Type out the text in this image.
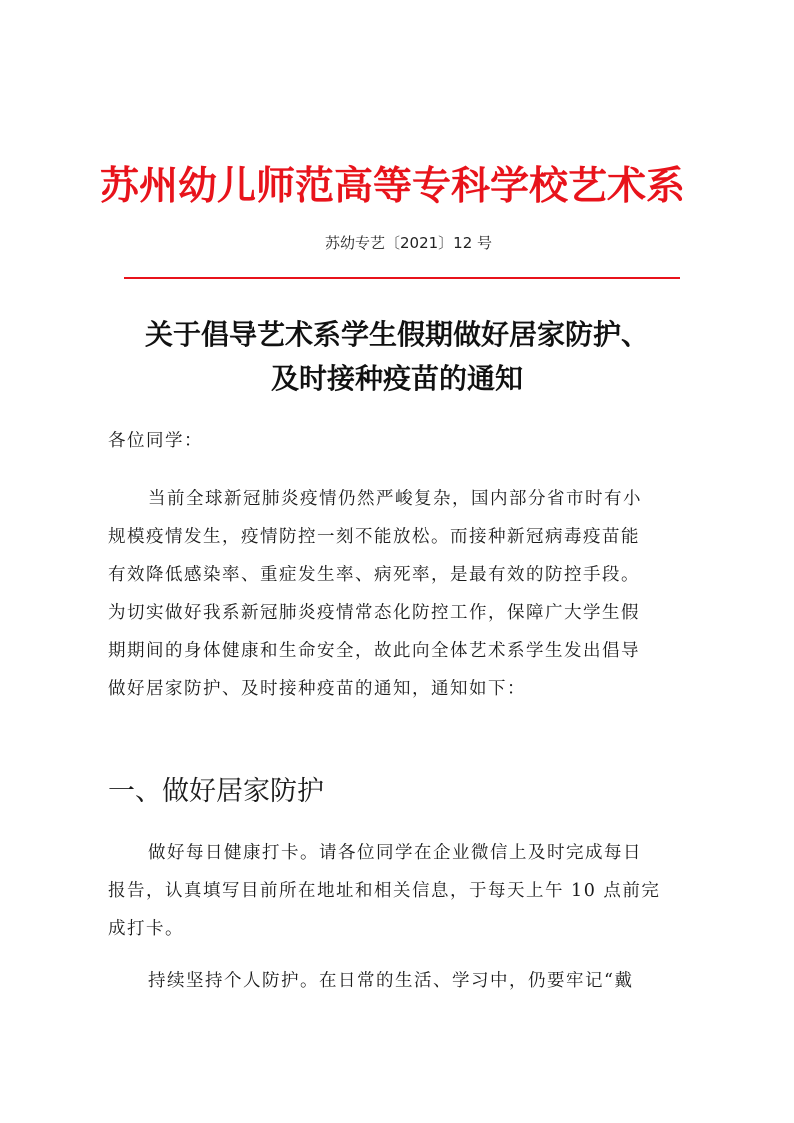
苏州幼儿师范高等专科学校艺术系
苏幼专艺〔2021〕12 号
关于倡导艺术系学生假期做好居家防护、
及时接种疫苗的通知
各位同学：
当前全球新冠肺炎疫情仍然严峻复杂，国内部分省市时有小
规模疫情发生，疫情防控一刻不能放松。而接种新冠病毒疫苗能
有效降低感染率、重症发生率、病死率，是最有效的防控手段。
为切实做好我系新冠肺炎疫情常态化防控工作，保障广大学生假
期期间的身体健康和生命安全，故此向全体艺术系学生发出倡导
做好居家防护、及时接种疫苗的通知，通知如下：
一、做好居家防护
做好每日健康打卡。请各位同学在企业微信上及时完成每日
报告，认真填写目前所在地址和相关信息，于每天上午 10 点前完
成打卡。
持续坚持个人防护。在日常的生活、学习中，仍要牢记“戴
